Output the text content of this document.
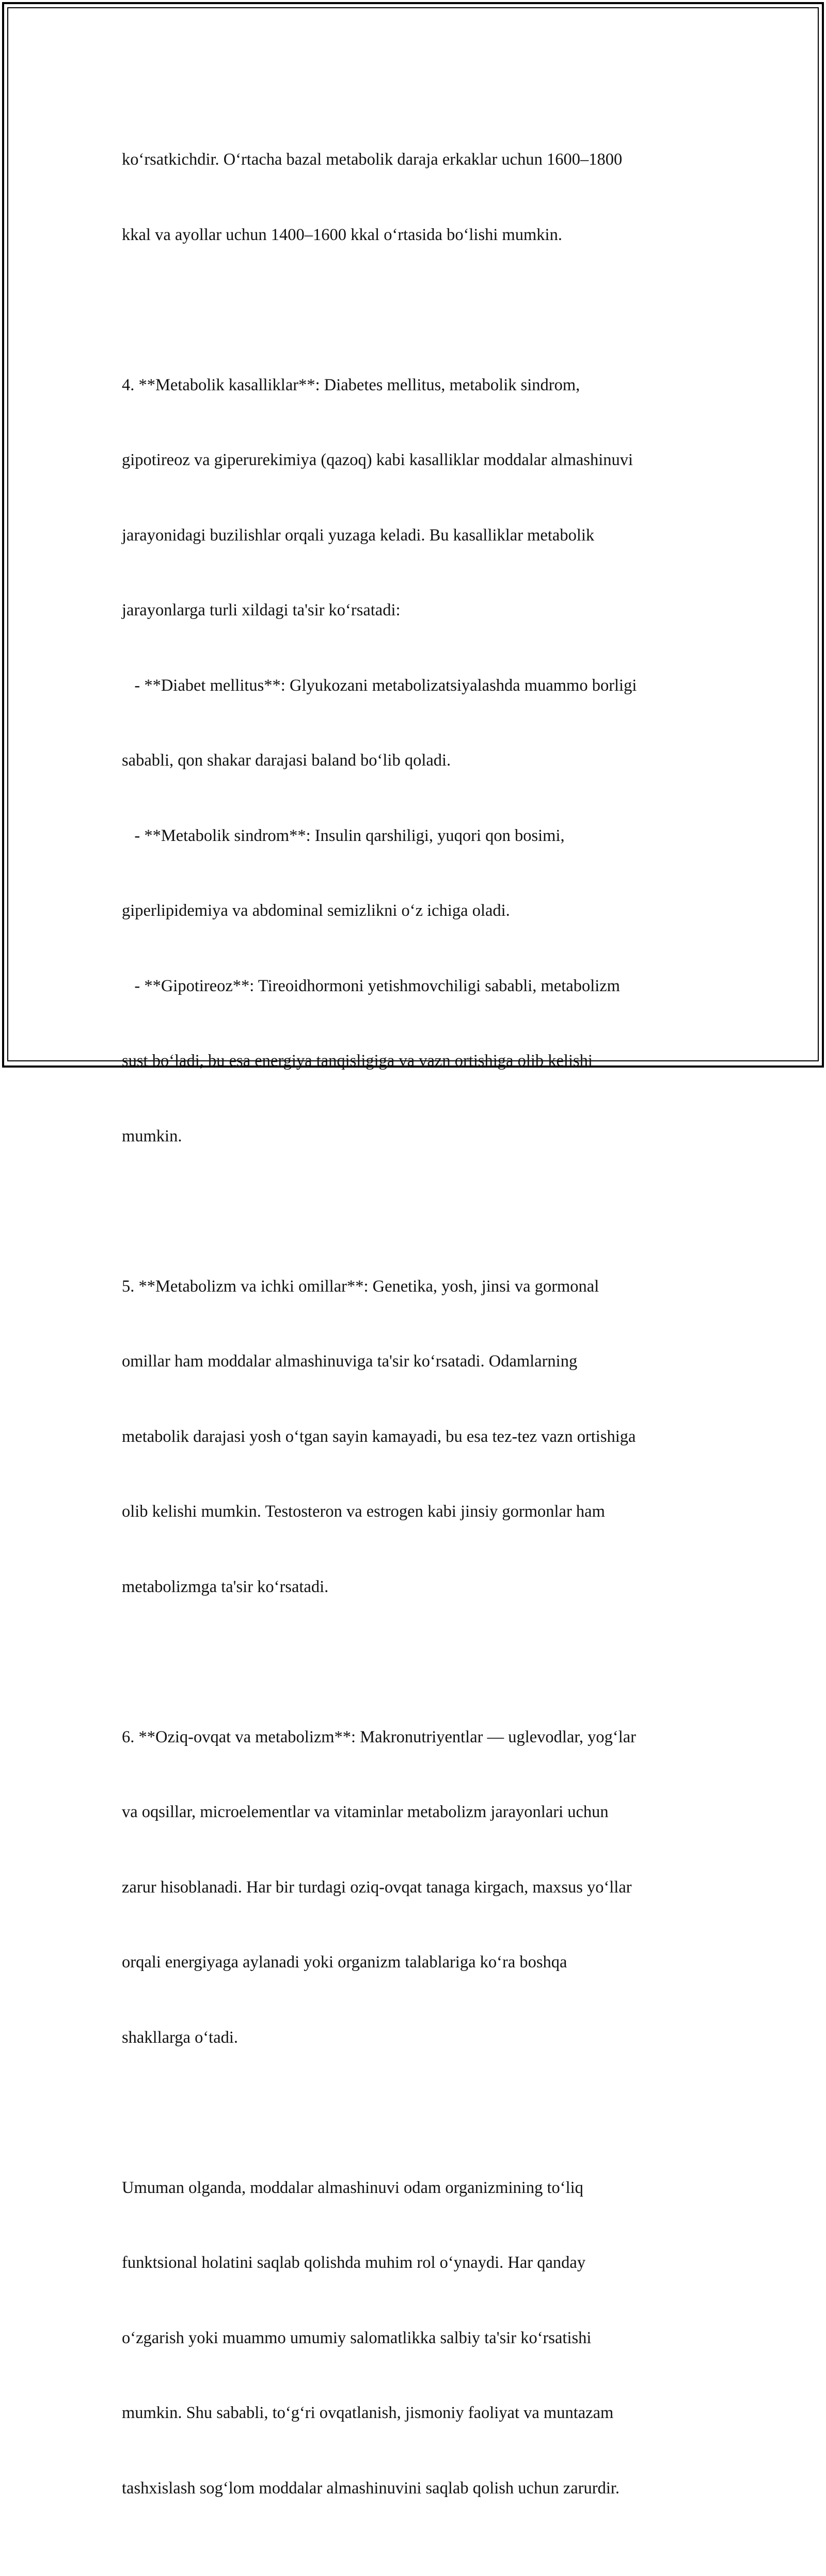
ko‘rsatkichdir. O‘rtacha bazal metabolik daraja erkaklar uchun 1600–1800

kkal va ayollar uchun 1400–1600 kkal o‘rtasida bo‘lishi mumkin.

4. **Metabolik kasalliklar**: Diabetes mellitus, metabolik sindrom,

gipotireoz va giperurekimiya (qazoq) kabi kasalliklar moddalar almashinuvi

jarayonidagi buzilishlar orqali yuzaga keladi. Bu kasalliklar metabolik

jarayonlarga turli xildagi ta'sir ko‘rsatadi:

- **Diabet mellitus**: Glyukozani metabolizatsiyalashda muammo borligi

sababli, qon shakar darajasi baland bo‘lib qoladi.

- **Metabolik sindrom**: Insulin qarshiligi, yuqori qon bosimi,

giperlipidemiya va abdominal semizlikni o‘z ichiga oladi.

- **Gipotireoz**: Tireoidhormoni yetishmovchiligi sababli, metabolizm

sust bo‘ladi, bu esa energiya tanqisligiga va vazn ortishiga olib kelishi

mumkin.

5. **Metabolizm va ichki omillar**: Genetika, yosh, jinsi va gormonal

omillar ham moddalar almashinuviga ta'sir ko‘rsatadi. Odamlarning

metabolik darajasi yosh o‘tgan sayin kamayadi, bu esa tez-tez vazn ortishiga

olib kelishi mumkin. Testosteron va estrogen kabi jinsiy gormonlar ham

metabolizmga ta'sir ko‘rsatadi.

6. **Oziq-ovqat va metabolizm**: Makronutriyentlar — uglevodlar, yog‘lar

va oqsillar, microelementlar va vitaminlar metabolizm jarayonlari uchun

zarur hisoblanadi. Har bir turdagi oziq-ovqat tanaga kirgach, maxsus yo‘llar

orqali energiyaga aylanadi yoki organizm talablariga ko‘ra boshqa

shakllarga o‘tadi.

Umuman olganda, moddalar almashinuvi odam organizmining to‘liq

funktsional holatini saqlab qolishda muhim rol o‘ynaydi. Har qanday

o‘zgarish yoki muammo umumiy salomatlikka salbiy ta'sir ko‘rsatishi

mumkin. Shu sababli, to‘g‘ri ovqatlanish, jismoniy faoliyat va muntazam

tashxislash sog‘lom moddalar almashinuvini saqlab qolish uchun zarurdir.
